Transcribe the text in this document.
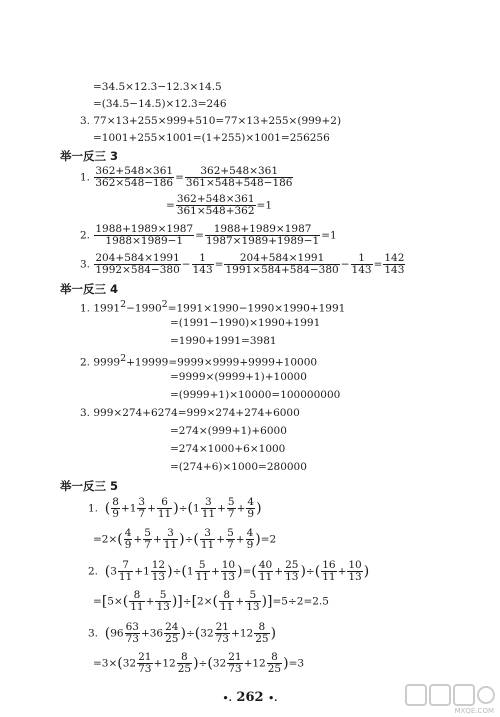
=34.5×12.3−12.3×14.5
=(34.5−14.5)×12.3=246
3. 77×13+255×999+510=77×13+255×(999+2)
=1001+255×1001=(1+255)×1001=256256
举一反三 3
1. $\frac{362+548\times 361}{362\times 548-186} = \frac{362+548\times 361}{361\times 548+548-186}$
= $\frac{362+548\times 361}{361\times 548+362} =1$
2. $\frac{1988+1989\times 1987}{1988\times 1989-1} = \frac{1988+1989\times 1987}{1987\times 1989+1989-1} =1$
3. $\frac{204+584\times 1991}{1992\times 584-380} - \frac{1}{143} = \frac{204+584\times 1991}{1991\times 584+584-380} - \frac{1}{143} = \frac{142}{143}$
举一反三 4
1. $1991^2-1990^2=1991\times 1990-1990\times 1990+1991$
=(1991−1990)×1990+1991
=1990+1991=3981
2. $9999^2+19999=9999\times 9999+9999+10000$
=9999×(9999+1)+10000
=(9999+1)×10000=100000000
3. 999×274+6274=999×274+274+6000
=274×(999+1)+6000
=274×1000+6×1000
=(274+6)×1000=280000
举一反三 5
1. ( $\frac{8}{9} +1 \frac{3}{7} + \frac{6}{11} )\div(1 \frac{3}{11} + \frac{5}{7} + \frac{4}{9}$ )
$=2\times( \frac{4}{9} + \frac{5}{7} + \frac{3}{11}$ )÷( $\frac{3}{11} + \frac{5}{7} + \frac{4}{9} )=2$
2. $(3 \frac{7}{11} +1 \frac{12}{13} )\div(1 \frac{5}{11} + \frac{10}{13}$ )=( $\frac{40}{11} + \frac{25}{13}$ )÷( $\frac{16}{11} + \frac{10}{13}$ )
$=[5\times( \frac{8}{11} + \frac{5}{13} )]\div[2\times( \frac{8}{11} + \frac{5}{13} )]=5\div 2=2.5$
3. $(96 \frac{63}{73} +36 \frac{24}{25} )\div(32 \frac{21}{73} +12 \frac{8}{25}$ )
$=3\times(32 \frac{21}{73} +12 \frac{8}{25} )\div(32 \frac{21}{73} +12 \frac{8}{25} )=3$
•. 262 •.
MXQE.COM
